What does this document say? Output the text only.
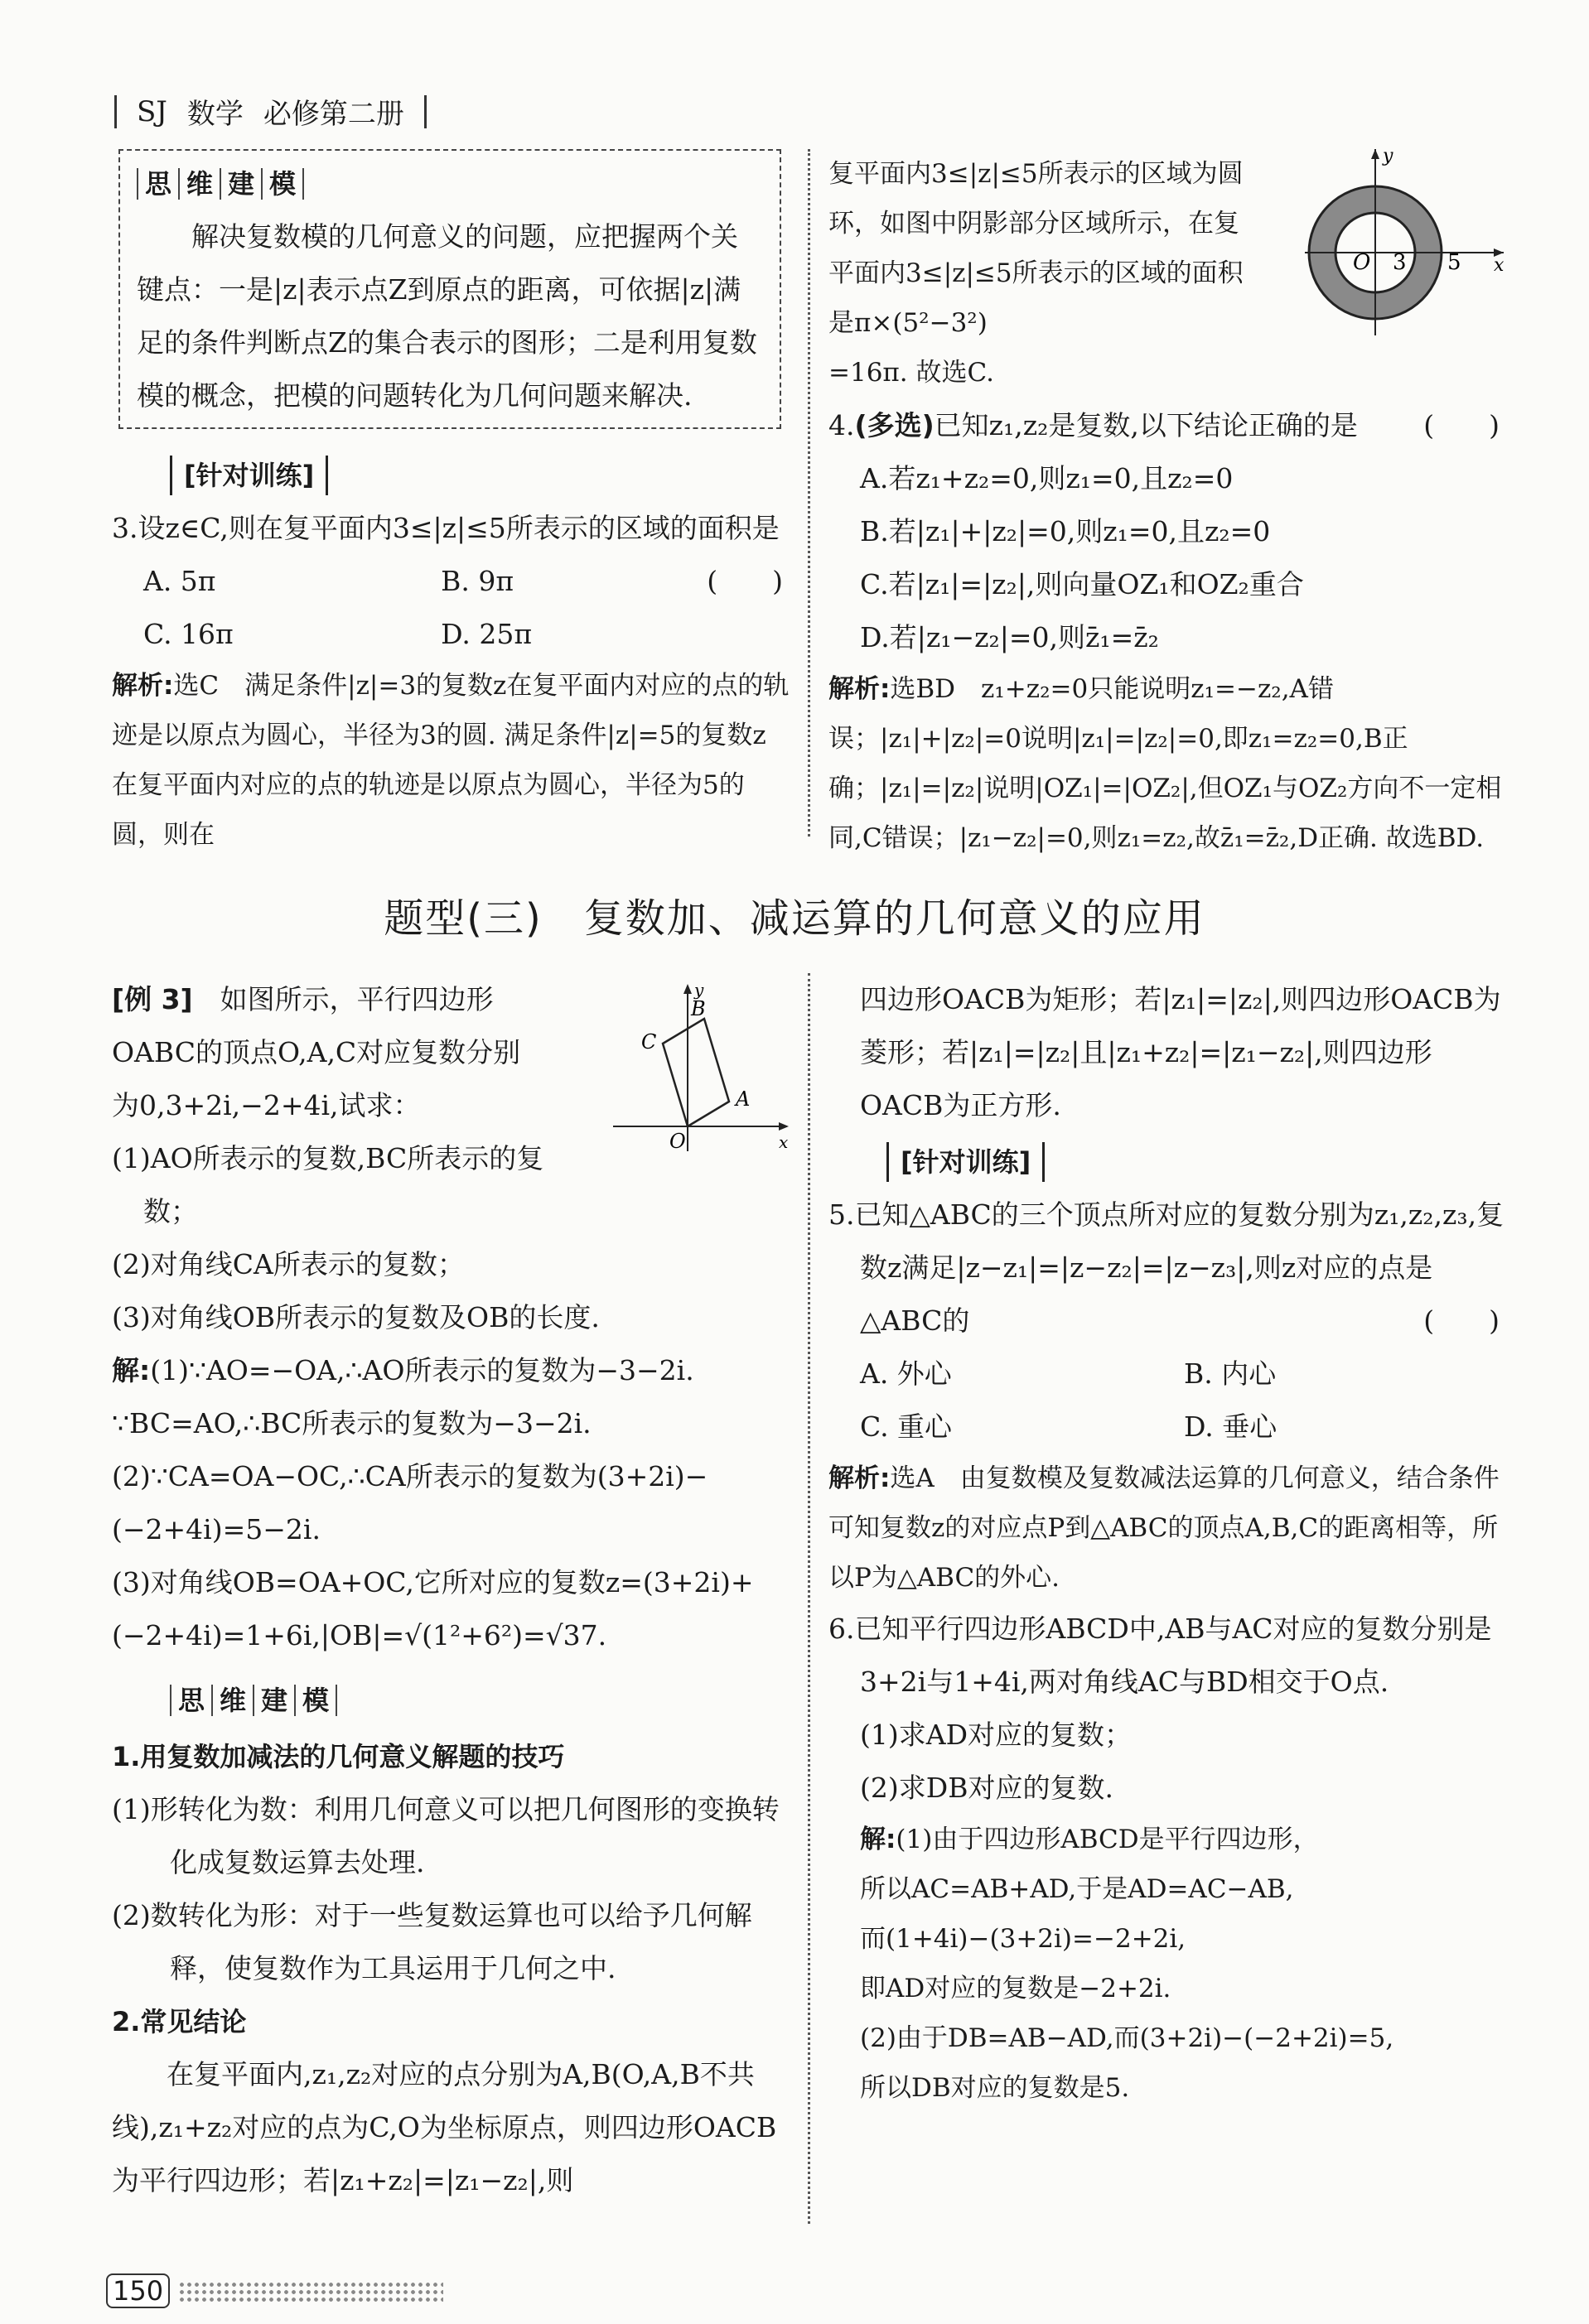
SJ 数学 必修第二册
思 维 建 模
解决复数模的几何意义的问题，应把握两个关键点：一是|z|表示点Z到原点的距离，可依据|z|满足的条件判断点Z的集合表示的图形；二是利用复数模的概念，把模的问题转化为几何问题来解决.
[针对训练]
3.设z∈C,则在复平面内3≤|z|≤5所表示的区域的面积是
(　　)
A. 5π	B. 9π
C. 16π	D. 25π
解析:选C　满足条件|z|=3的复数z在复平面内对应的点的轨迹是以原点为圆心，半径为3的圆. 满足条件|z|=5的复数z在复平面内对应的点的轨迹是以原点为圆心，半径为5的圆，则在
复平面内3≤|z|≤5所表示的区域为圆环，如图中阴影部分区域所示，在复平面内3≤|z|≤5所表示的区域的面积是π×(5²−3²)
=16π. 故选C.
4.(多选)已知z₁,z₂是复数,以下结论正确的是 (　　)
A.若z₁+z₂=0,则z₁=0,且z₂=0
B.若|z₁|+|z₂|=0,则z₁=0,且z₂=0
C.若|z₁|=|z₂|,则向量OZ₁和OZ₂重合
D.若|z₁−z₂|=0,则z̄₁=z̄₂
解析:选BD　z₁+z₂=0只能说明z₁=−z₂,A错误；|z₁|+|z₂|=0说明|z₁|=|z₂|=0,即z₁=z₂=0,B正确；|z₁|=|z₂|说明|OZ₁|=|OZ₂|,但OZ₁与OZ₂方向不一定相同,C错误；|z₁−z₂|=0,则z₁=z₂,故z̄₁=z̄₂,D正确. 故选BD.
O 3 5 x
y
题型(三)　复数加、减运算的几何意义的应用
[例 3]　 如图所示，平行四边形OABC的顶点O,A,C对应复数分别为0,3+2i,−2+4i,试求：
(1)AO所表示的复数,BC所表示的复数；
(2)对角线CA所表示的复数；
(3)对角线OB所表示的复数及OB的长度.
解:(1)∵AO=−OA,∴AO所表示的复数为−3−2i.
∵BC=AO,∴BC所表示的复数为−3−2i.
(2)∵CA=OA−OC,∴CA所表示的复数为(3+2i)−(−2+4i)=5−2i.
(3)对角线OB=OA+OC,它所对应的复数z=(3+2i)+(−2+4i)=1+6i,|OB|=√(1²+6²)=√37.
思 维 建 模
1.用复数加减法的几何意义解题的技巧
(1)形转化为数：利用几何意义可以把几何图形的变换转化成复数运算去处理.
(2)数转化为形：对于一些复数运算也可以给予几何解释，使复数作为工具运用于几何之中.
2.常见结论
在复平面内,z₁,z₂对应的点分别为A,B(O,A,B不共线),z₁+z₂对应的点为C,O为坐标原点，则四边形OACB为平行四边形；若|z₁+z₂|=|z₁−z₂|,则
O
A
B
C
x
y	四边形OACB为矩形；若|z₁|=|z₂|,则四边形OACB为菱形；若|z₁|=|z₂|且|z₁+z₂|=|z₁−z₂|,则四边形OACB为正方形.
[针对训练]
5.已知△ABC的三个顶点所对应的复数分别为z₁,z₂,z₃,复数z满足|z−z₁|=|z−z₂|=|z−z₃|,则z对应的点是△ABC的	(　　)
A. 外心	B. 内心
C. 重心	D. 垂心
解析:选A　由复数模及复数减法运算的几何意义，结合条件可知复数z的对应点P到△ABC的顶点A,B,C的距离相等，所以P为△ABC的外心.
6.已知平行四边形ABCD中,AB与AC对应的复数分别是3+2i与1+4i,两对角线AC与BD相交于O点.
(1)求AD对应的复数；
(2)求DB对应的复数.
解:(1)由于四边形ABCD是平行四边形，
所以AC=AB+AD,于是AD=AC−AB,
而(1+4i)−(3+2i)=−2+2i,
即AD对应的复数是−2+2i.
(2)由于DB=AB−AD,而(3+2i)−(−2+2i)=5,
所以DB对应的复数是5.
150
